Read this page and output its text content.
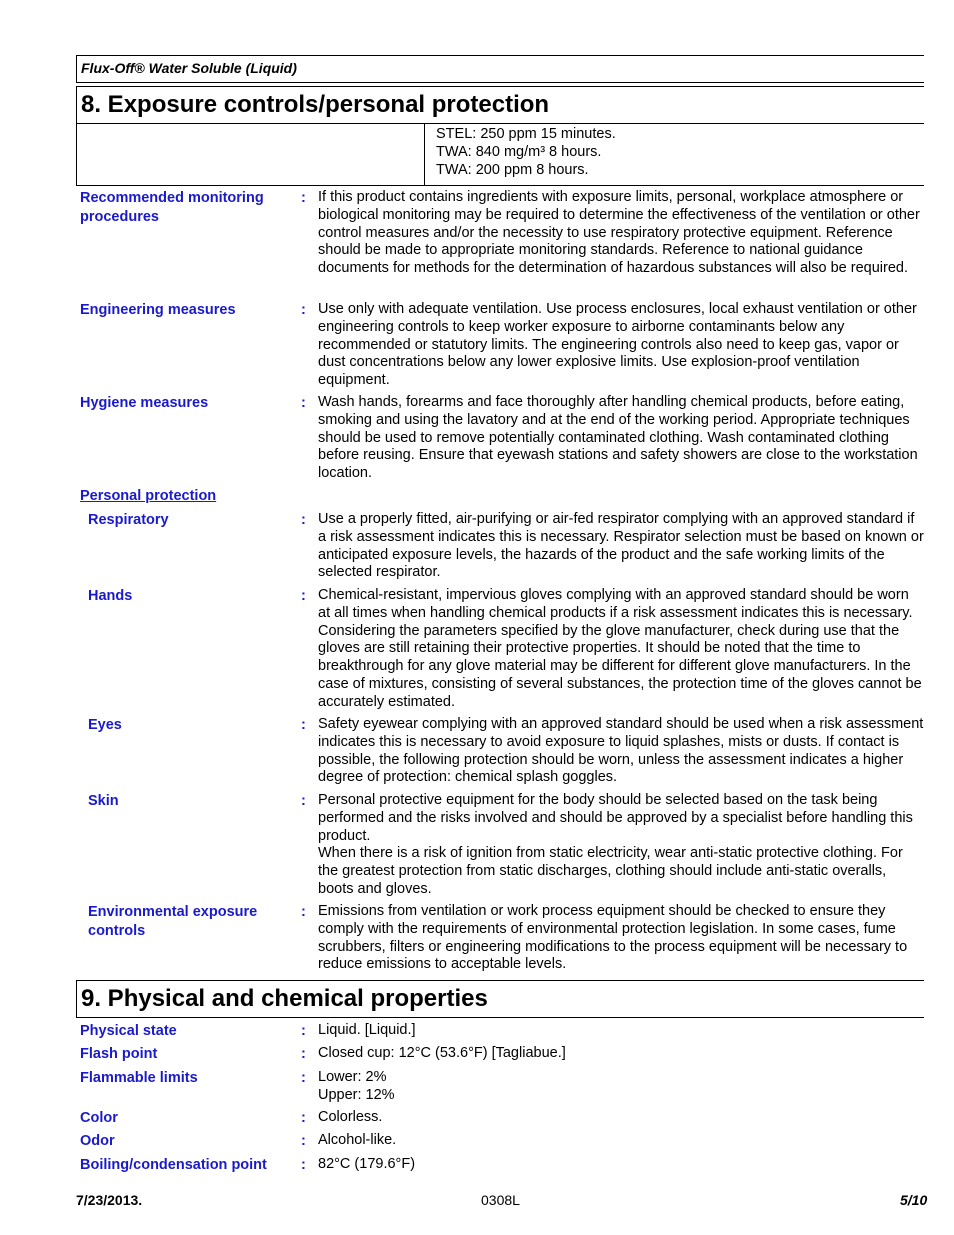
Flux-Off® Water Soluble (Liquid)
8. Exposure controls/personal protection
STEL: 250 ppm 15 minutes.
TWA: 840 mg/m³ 8 hours.
TWA: 200 ppm 8 hours.
Recommended monitoring procedures
: If this product contains ingredients with exposure limits, personal, workplace atmosphere or biological monitoring may be required to determine the effectiveness of the ventilation or other control measures and/or the necessity to use respiratory protective equipment. Reference should be made to appropriate monitoring standards. Reference to national guidance documents for methods for the determination of hazardous substances will also be required.
Engineering measures	: Use only with adequate ventilation. Use process enclosures, local exhaust ventilation or other engineering controls to keep worker exposure to airborne contaminants below any recommended or statutory limits. The engineering controls also need to keep gas, vapor or dust concentrations below any lower explosive limits. Use explosion-proof ventilation equipment.
Hygiene measures	: Wash hands, forearms and face thoroughly after handling chemical products, before eating, smoking and using the lavatory and at the end of the working period. Appropriate techniques should be used to remove potentially contaminated clothing. Wash contaminated clothing before reusing. Ensure that eyewash stations and safety showers are close to the workstation location.
Personal protection
Respiratory	: Use a properly fitted, air-purifying or air-fed respirator complying with an approved standard if a risk assessment indicates this is necessary. Respirator selection must be based on known or anticipated exposure levels, the hazards of the product and the safe working limits of the selected respirator.
Hands	: Chemical-resistant, impervious gloves complying with an approved standard should be worn at all times when handling chemical products if a risk assessment indicates this is necessary. Considering the parameters specified by the glove manufacturer, check during use that the gloves are still retaining their protective properties. It should be noted that the time to breakthrough for any glove material may be different for different glove manufacturers. In the case of mixtures, consisting of several substances, the protection time of the gloves cannot be accurately estimated.
Eyes	: Safety eyewear complying with an approved standard should be used when a risk assessment indicates this is necessary to avoid exposure to liquid splashes, mists or dusts. If contact is possible, the following protection should be worn, unless the assessment indicates a higher degree of protection: chemical splash goggles.
Skin	: Personal protective equipment for the body should be selected based on the task being performed and the risks involved and should be approved by a specialist before handling this product.
When there is a risk of ignition from static electricity, wear anti-static protective clothing. For the greatest protection from static discharges, clothing should include anti-static overalls, boots and gloves.
Environmental exposure controls
: Emissions from ventilation or work process equipment should be checked to ensure they comply with the requirements of environmental protection legislation. In some cases, fume scrubbers, filters or engineering modifications to the process equipment will be necessary to reduce emissions to acceptable levels.
9. Physical and chemical properties
Physical state	: Liquid. [Liquid.]
Flash point	: Closed cup: 12°C (53.6°F) [Tagliabue.]
Flammable limits	: Lower: 2%
Upper: 12%
Color	: Colorless.
Odor	: Alcohol-like.
Boiling/condensation point	: 82°C (179.6°F)
7/23/2013.	0308L	5/10
